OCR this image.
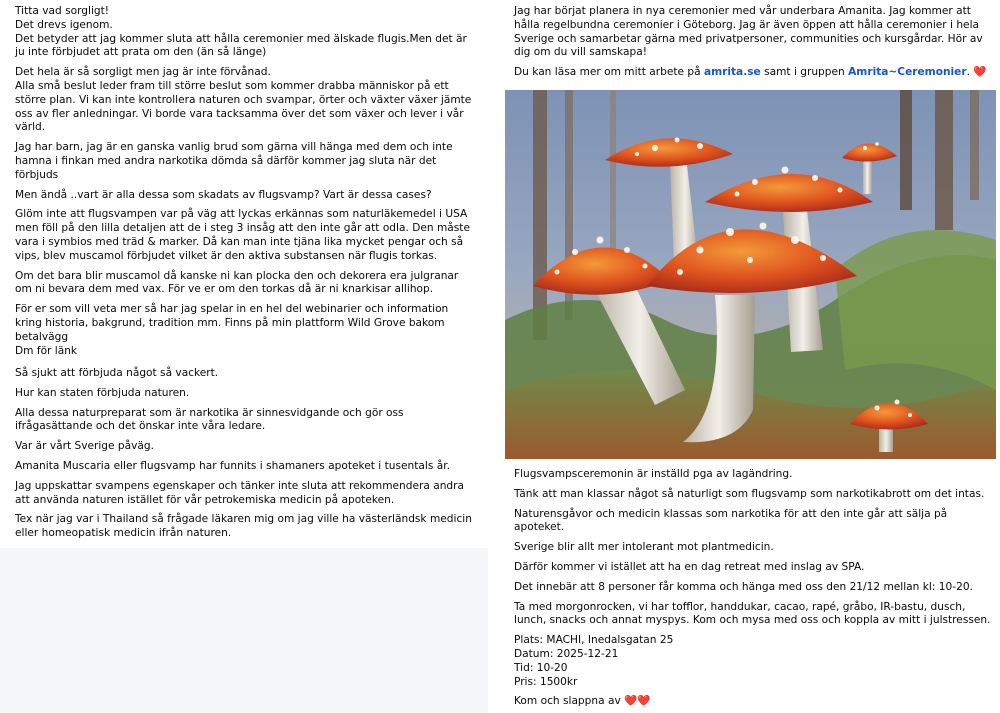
Titta vad sorgligt!
Det drevs igenom.
Det betyder att jag kommer sluta att hålla ceremonier med älskade flugis.Men det är ju inte förbjudet att prata om den (än så länge)

Det hela är så sorgligt men jag är inte förvånad.
Alla små beslut leder fram till större beslut som kommer drabba människor på ett större plan. Vi kan inte kontrollera naturen och svampar, örter och växter växer jämte oss av fler anledningar. Vi borde vara tacksamma över det som växer och lever i vår värld.

Jag har barn, jag är en ganska vanlig brud som gärna vill hänga med dem och inte hamna i finkan med andra narkotika dömda så därför kommer jag sluta när det förbjuds

Men ändå ..vart är alla dessa som skadats av flugsvamp? Vart är dessa cases?

Glöm inte att flugsvampen var på väg att lyckas erkännas som naturläkemedel i USA men föll på den lilla detaljen att de i steg 3 insåg att den inte går att odla. Den måste vara i symbios med träd & marker. Då kan man inte tjäna lika mycket pengar och så vips, blev muscamol förbjudet vilket är den aktiva substansen när flugis torkas.

Om det bara blir muscamol då kanske ni kan plocka den och dekorera era julgranar om ni bevara dem med vax. För ve er om den torkas då är ni knarkisar allihop.

För er som vill veta mer så har jag spelar in en hel del webinarier och information kring historia, bakgrund, tradition mm. Finns på min plattform Wild Grove bakom betalvägg
Dm för länk

Så sjukt att förbjuda något så vackert.

Hur kan staten förbjuda naturen.

Alla dessa naturpreparat som är narkotika är sinnesvidgande och gör oss ifrågasättande och det önskar inte våra ledare.

Var är vårt Sverige påväg.

Amanita Muscaria eller flugsvamp har funnits i shamaners apoteket i tusentals år.

Jag uppskattar svampens egenskaper och tänker inte sluta att rekommendera andra att använda naturen istället för vår petrokemiska medicin på apoteken.

Tex när jag var i Thailand så frågade läkaren mig om jag ville ha västerländsk medicin eller homeopatisk medicin ifrån naturen.

Jag har börjat planera in nya ceremonier med vår underbara Amanita. Jag kommer att hålla regelbundna ceremonier i Göteborg. Jag är även öppen att hålla ceremonier i hela Sverige och samarbetar gärna med privatpersoner, communities och kursgårdar. Hör av dig om du vill samskapa!

Du kan läsa mer om mitt arbete på amrita.se samt i gruppen Amrita~Ceremonier. ❤️

Flugsvampsceremonin är inställd pga av lagändring.

Tänk att man klassar något så naturligt som flugsvamp som narkotikabrott om det intas.

Naturensgåvor och medicin klassas som narkotika för att den inte går att sälja på apoteket.

Sverige blir allt mer intolerant mot plantmedicin.

Därför kommer vi istället att ha en dag retreat med inslag av SPA.

Det innebär att 8 personer får komma och hänga med oss den 21/12 mellan kl: 10-20.

Ta med morgonrocken, vi har tofflor, handdukar, cacao, rapé, gråbo, IR-bastu, dusch, lunch, snacks och annat myspys. Kom och mysa med oss och koppla av mitt i julstressen.

Plats: MACHI, Inedalsgatan 25
Datum: 2025-12-21
Tid: 10-20
Pris: 1500kr

Kom och slappna av ❤️❤️
